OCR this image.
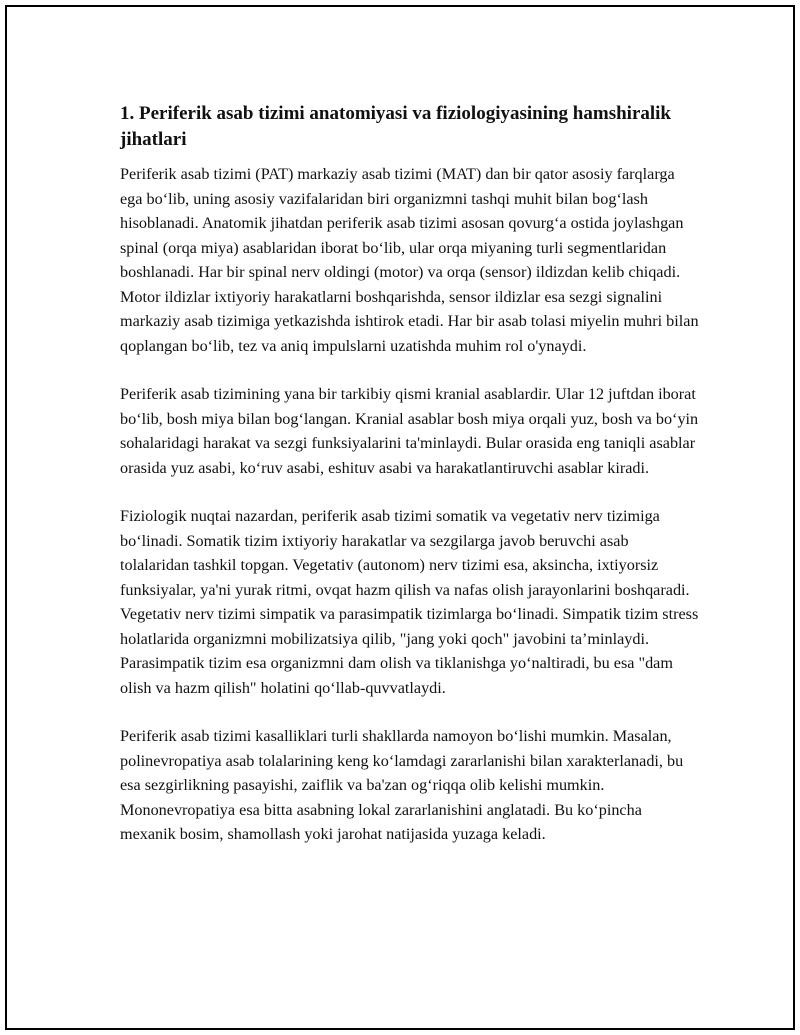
1. Periferik asab tizimi anatomiyasi va fiziologiyasining hamshiralik jihatlari

Periferik asab tizimi (PAT) markaziy asab tizimi (MAT) dan bir qator asosiy farqlarga ega bo‘lib, uning asosiy vazifalaridan biri organizmni tashqi muhit bilan bog‘lash hisoblanadi. Anatomik jihatdan periferik asab tizimi asosan qovurg‘a ostida joylashgan spinal (orqa miya) asablaridan iborat bo‘lib, ular orqa miyaning turli segmentlaridan boshlanadi. Har bir spinal nerv oldingi (motor) va orqa (sensor) ildizdan kelib chiqadi. Motor ildizlar ixtiyoriy harakatlarni boshqarishda, sensor ildizlar esa sezgi signalini markaziy asab tizimiga yetkazishda ishtirok etadi. Har bir asab tolasi miyelin muhri bilan qoplangan bo‘lib, tez va aniq impulslarni uzatishda muhim rol o'ynaydi.

Periferik asab tizimining yana bir tarkibiy qismi kranial asablardir. Ular 12 juftdan iborat bo‘lib, bosh miya bilan bog‘langan. Kranial asablar bosh miya orqali yuz, bosh va bo‘yin sohalaridagi harakat va sezgi funksiyalarini ta'minlaydi. Bular orasida eng taniqli asablar orasida yuz asabi, ko‘ruv asabi, eshituv asabi va harakatlantiruvchi asablar kiradi.

Fiziologik nuqtai nazardan, periferik asab tizimi somatik va vegetativ nerv tizimiga bo‘linadi. Somatik tizim ixtiyoriy harakatlar va sezgilarga javob beruvchi asab tolalaridan tashkil topgan. Vegetativ (autonom) nerv tizimi esa, aksincha, ixtiyorsiz funksiyalar, ya'ni yurak ritmi, ovqat hazm qilish va nafas olish jarayonlarini boshqaradi. Vegetativ nerv tizimi simpatik va parasimpatik tizimlarga bo‘linadi. Simpatik tizim stress holatlarida organizmni mobilizatsiya qilib, "jang yoki qoch" javobini ta’minlaydi. Parasimpatik tizim esa organizmni dam olish va tiklanishga yo‘naltiradi, bu esa "dam olish va hazm qilish" holatini qo‘llab-quvvatlaydi.

Periferik asab tizimi kasalliklari turli shakllarda namoyon bo‘lishi mumkin. Masalan, polinevropatiya asab tolalarining keng ko‘lamdagi zararlanishi bilan xarakterlanadi, bu esa sezgirlikning pasayishi, zaiflik va ba'zan og‘riqqa olib kelishi mumkin. Mononevropatiya esa bitta asabning lokal zararlanishini anglatadi. Bu ko‘pincha mexanik bosim, shamollash yoki jarohat natijasida yuzaga keladi.
